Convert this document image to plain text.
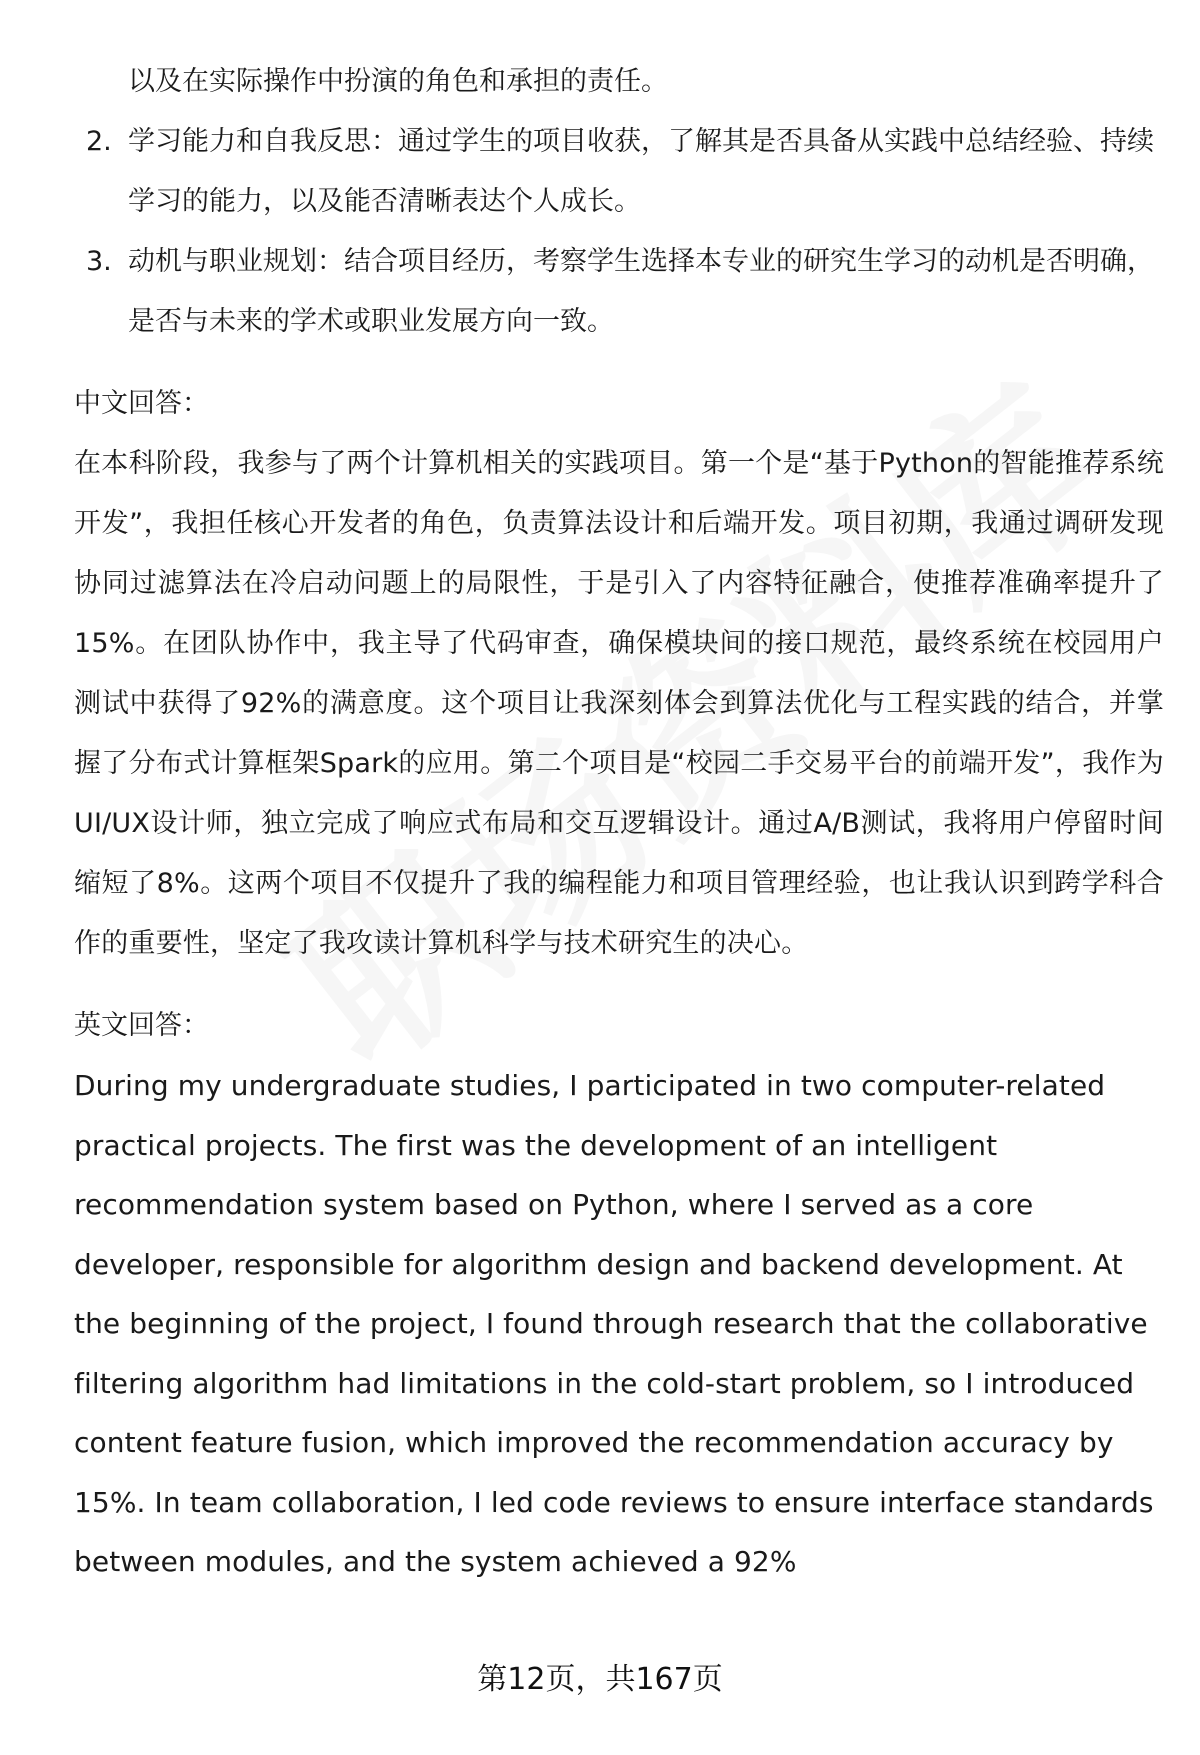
以及在实际操作中扮演的角色和承担的责任。
2. 学习能力和自我反思：通过学生的项目收获，了解其是否具备从实践中总结经验、持续学习的能力，以及能否清晰表达个人成长。
3. 动机与职业规划：结合项目经历，考察学生选择本专业的研究生学习的动机是否明确，是否与未来的学术或职业发展方向一致。
中文回答：
在本科阶段，我参与了两个计算机相关的实践项目。第一个是“基于Python的智能推荐系统开发”，我担任核心开发者的角色，负责算法设计和后端开发。项目初期，我通过调研发现协同过滤算法在冷启动问题上的局限性，于是引入了内容特征融合，使推荐准确率提升了15%。在团队协作中，我主导了代码审查，确保模块间的接口规范，最终系统在校园用户测试中获得了92%的满意度。这个项目让我深刻体会到算法优化与工程实践的结合，并掌握了分布式计算框架Spark的应用。第二个项目是“校园二手交易平台的前端开发”，我作为UI/UX设计师，独立完成了响应式布局和交互逻辑设计。通过A/B测试，我将用户停留时间缩短了8%。这两个项目不仅提升了我的编程能力和项目管理经验，也让我认识到跨学科合作的重要性，坚定了我攻读计算机科学与技术研究生的决心。
英文回答：
During my undergraduate studies, I participated in two computer-related practical projects. The first was the development of an intelligent recommendation system based on Python, where I served as a core developer, responsible for algorithm design and backend development. At the beginning of the project, I found through research that the collaborative filtering algorithm had limitations in the cold-start problem, so I introduced content feature fusion, which improved the recommendation accuracy by 15%. In team collaboration, I led code reviews to ensure interface standards between modules, and the system achieved a 92%
第12页，共167页
